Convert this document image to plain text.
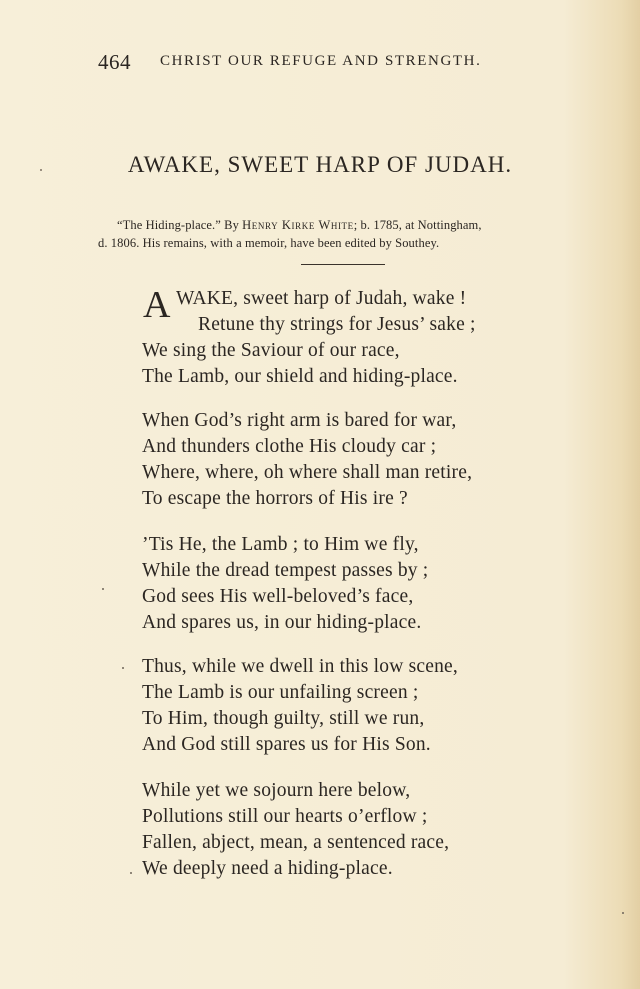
464 CHRIST OUR REFUGE AND STRENGTH.
AWAKE, SWEET HARP OF JUDAH.
“The Hiding-place.” By Henry Kirke White; b. 1785, at Nottingham,
d. 1806. His remains, with a memoir, have been edited by Southey.
A WAKE, sweet harp of Judah, wake !
Retune thy strings for Jesus’ sake ;
We sing the Saviour of our race,
The Lamb, our shield and hiding-place.
When God’s right arm is bared for war,
And thunders clothe His cloudy car ;
Where, where, oh where shall man retire,
To escape the horrors of His ire ?
’Tis He, the Lamb ; to Him we fly,
While the dread tempest passes by ;
God sees His well-beloved’s face,
And spares us, in our hiding-place.
Thus, while we dwell in this low scene,
The Lamb is our unfailing screen ;
To Him, though guilty, still we run,
And God still spares us for His Son.
While yet we sojourn here below,
Pollutions still our hearts o’erflow ;
Fallen, abject, mean, a sentenced race,
We deeply need a hiding-place.
